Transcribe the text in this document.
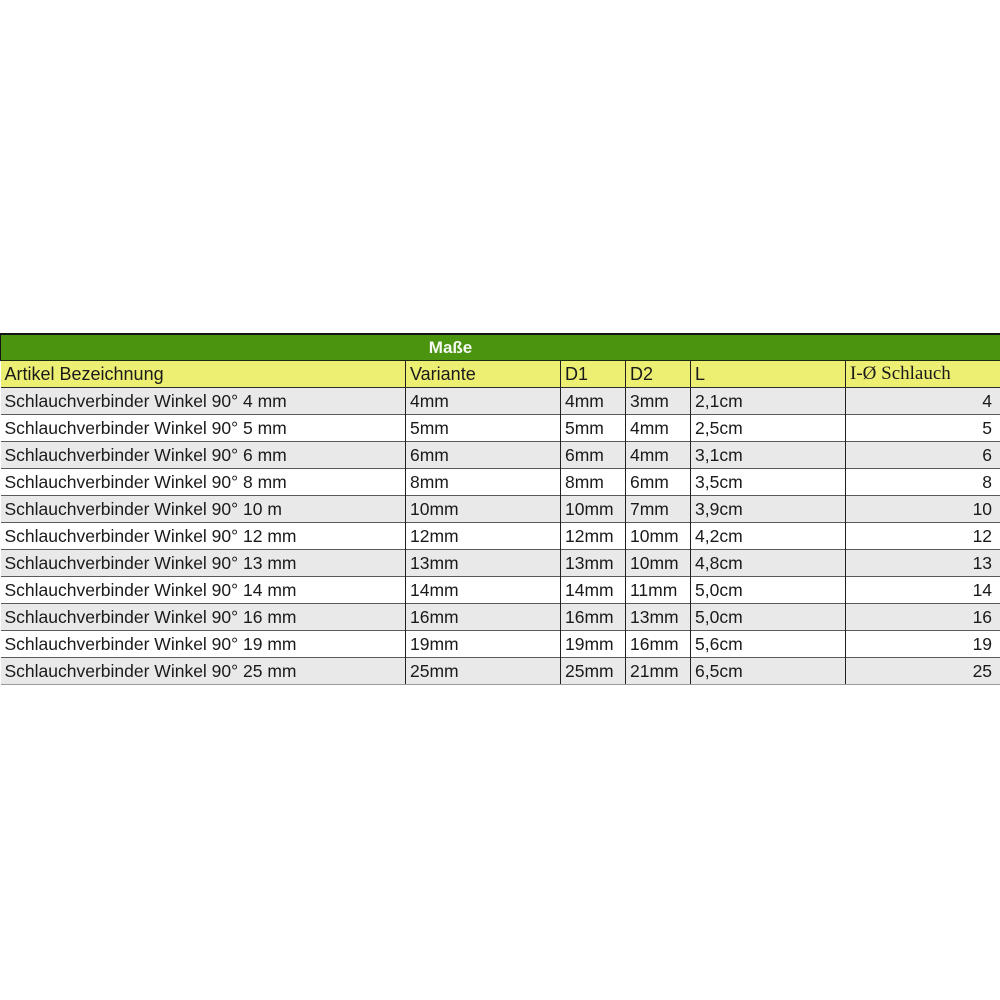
Maße					
Artikel Bezeichnung	Variante	D1	D2	L	I-Ø Schlauch
Schlauchverbinder Winkel 90° 4 mm	4mm	4mm	3mm	2,1cm	4
Schlauchverbinder Winkel 90° 5 mm	5mm	5mm	4mm	2,5cm	5
Schlauchverbinder Winkel 90° 6 mm	6mm	6mm	4mm	3,1cm	6
Schlauchverbinder Winkel 90° 8 mm	8mm	8mm	6mm	3,5cm	8
Schlauchverbinder Winkel 90° 10 m	10mm	10mm	7mm	3,9cm	10
Schlauchverbinder Winkel 90° 12 mm	12mm	12mm	10mm	4,2cm	12
Schlauchverbinder Winkel 90° 13 mm	13mm	13mm	10mm	4,8cm	13
Schlauchverbinder Winkel 90° 14 mm	14mm	14mm	11mm	5,0cm	14
Schlauchverbinder Winkel 90° 16 mm	16mm	16mm	13mm	5,0cm	16
Schlauchverbinder Winkel 90° 19 mm	19mm	19mm	16mm	5,6cm	19
Schlauchverbinder Winkel 90° 25 mm	25mm	25mm	21mm	6,5cm	25
